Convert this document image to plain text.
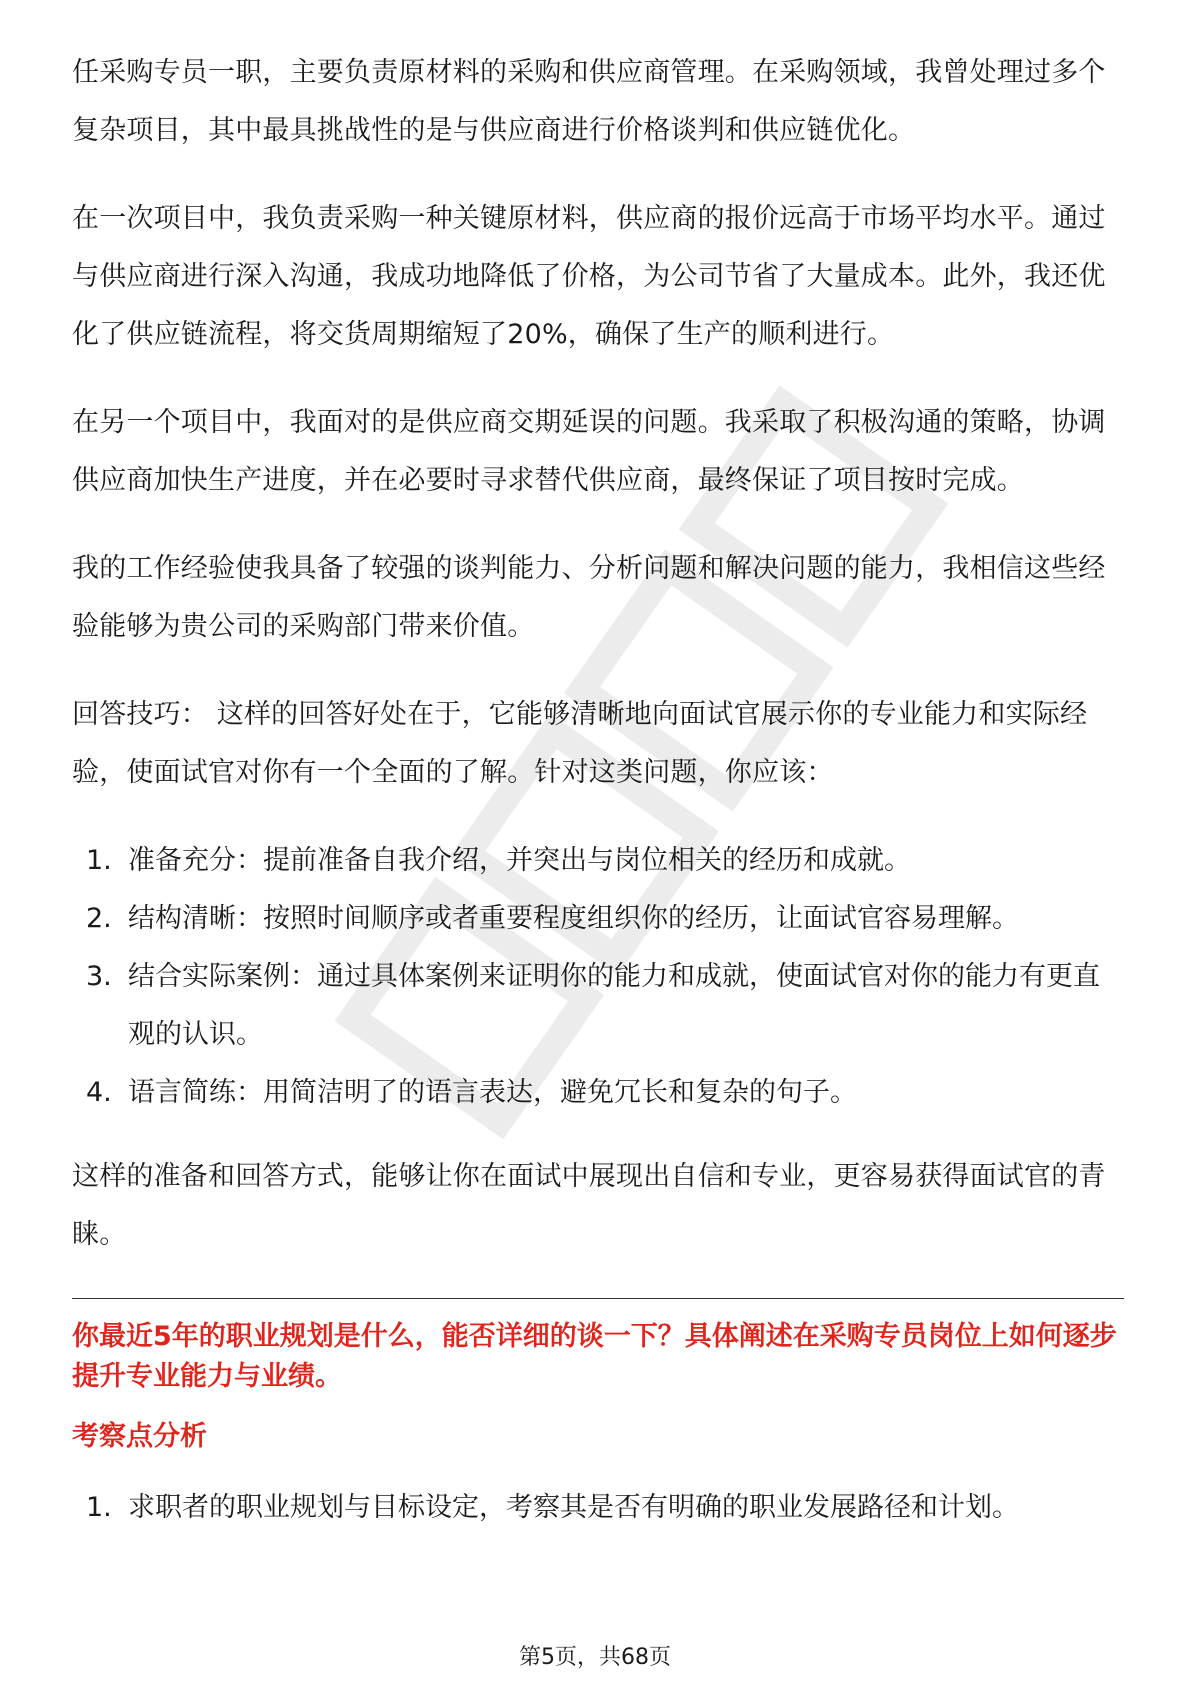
任采购专员一职，主要负责原材料的采购和供应商管理。在采购领域，我曾处理过多个复杂项目，其中最具挑战性的是与供应商进行价格谈判和供应链优化。

在一次项目中，我负责采购一种关键原材料，供应商的报价远高于市场平均水平。通过与供应商进行深入沟通，我成功地降低了价格，为公司节省了大量成本。此外，我还优化了供应链流程，将交货周期缩短了20%，确保了生产的顺利进行。

在另一个项目中，我面对的是供应商交期延误的问题。我采取了积极沟通的策略，协调供应商加快生产进度，并在必要时寻求替代供应商，最终保证了项目按时完成。

我的工作经验使我具备了较强的谈判能力、分析问题和解决问题的能力，我相信这些经验能够为贵公司的采购部门带来价值。

回答技巧： 这样的回答好处在于，它能够清晰地向面试官展示你的专业能力和实际经验，使面试官对你有一个全面的了解。针对这类问题，你应该：

1. 准备充分：提前准备自我介绍，并突出与岗位相关的经历和成就。
2. 结构清晰：按照时间顺序或者重要程度组织你的经历，让面试官容易理解。
3. 结合实际案例：通过具体案例来证明你的能力和成就，使面试官对你的能力有更直观的认识。
4. 语言简练：用简洁明了的语言表达，避免冗长和复杂的句子。

这样的准备和回答方式，能够让你在面试中展现出自信和专业，更容易获得面试官的青睐。

你最近5年的职业规划是什么，能否详细的谈一下？具体阐述在采购专员岗位上如何逐步提升专业能力与业绩。

考察点分析

1. 求职者的职业规划与目标设定，考察其是否有明确的职业发展路径和计划。
第5页，共68页
